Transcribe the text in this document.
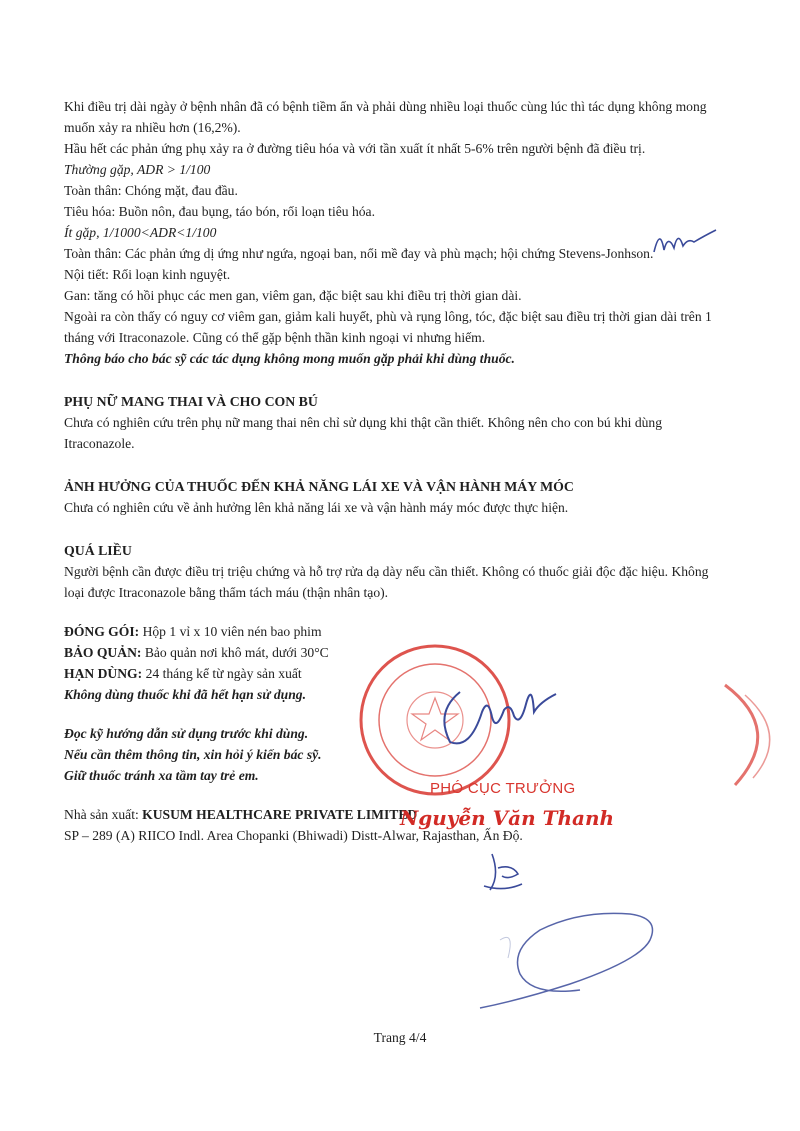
Khi điều trị dài ngày ở bệnh nhân đã có bệnh tiềm ẩn và phải dùng nhiều loại thuốc cùng lúc thì tác dụng không mong muốn xảy ra nhiều hơn (16,2%).

Hầu hết các phản ứng phụ xảy ra ở đường tiêu hóa và với tần xuất ít nhất 5-6% trên người bệnh đã điều trị.

Thường gặp, ADR > 1/100

Toàn thân: Chóng mặt, đau đầu.

Tiêu hóa: Buồn nôn, đau bụng, táo bón, rối loạn tiêu hóa.

Ít gặp, 1/1000<ADR<1/100

Toàn thân: Các phản ứng dị ứng như ngứa, ngoại ban, nổi mề đay và phù mạch; hội chứng Stevens-Jonhson.

Nội tiết: Rối loạn kinh nguyệt.

Gan: tăng có hồi phục các men gan, viêm gan, đặc biệt sau khi điều trị thời gian dài.

Ngoài ra còn thấy có nguy cơ viêm gan, giảm kali huyết, phù và rụng lông, tóc, đặc biệt sau điều trị thời gian dài trên 1 tháng với Itraconazole. Cũng có thể gặp bệnh thần kinh ngoại vi nhưng hiếm.

Thông báo cho bác sỹ các tác dụng không mong muốn gặp phải khi dùng thuốc.

PHỤ NỮ MANG THAI VÀ CHO CON BÚ

Chưa có nghiên cứu trên phụ nữ mang thai nên chỉ sử dụng khi thật cần thiết. Không nên cho con bú khi dùng Itraconazole.

ẢNH HƯỞNG CỦA THUỐC ĐẾN KHẢ NĂNG LÁI XE VÀ VẬN HÀNH MÁY MÓC

Chưa có nghiên cứu về ảnh hưởng lên khả năng lái xe và vận hành máy móc được thực hiện.

QUÁ LIỀU

Người bệnh cần được điều trị triệu chứng và hỗ trợ rửa dạ dày nếu cần thiết. Không có thuốc giải độc đặc hiệu. Không loại được Itraconazole bằng thẩm tách máu (thận nhân tạo).

ĐÓNG GÓI: Hộp 1 vỉ x 10 viên nén bao phim

BẢO QUẢN: Bảo quản nơi khô mát, dưới 30°C

HẠN DÙNG: 24 tháng kể từ ngày sản xuất

Không dùng thuốc khi đã hết hạn sử dụng.

Đọc kỹ hướng dẫn sử dụng trước khi dùng.

Nếu cần thêm thông tin, xin hỏi ý kiến bác sỹ.

Giữ thuốc tránh xa tầm tay trẻ em.

Nhà sản xuất: KUSUM HEALTHCARE PRIVATE LIMITED

SP – 289 (A) RIICO Indl. Area Chopanki (Bhiwadi) Distt-Alwar, Rajasthan, Ấn Độ.

PHÓ CỤC TRƯỞNG
Nguyễn Văn Thanh
Trang 4/4
